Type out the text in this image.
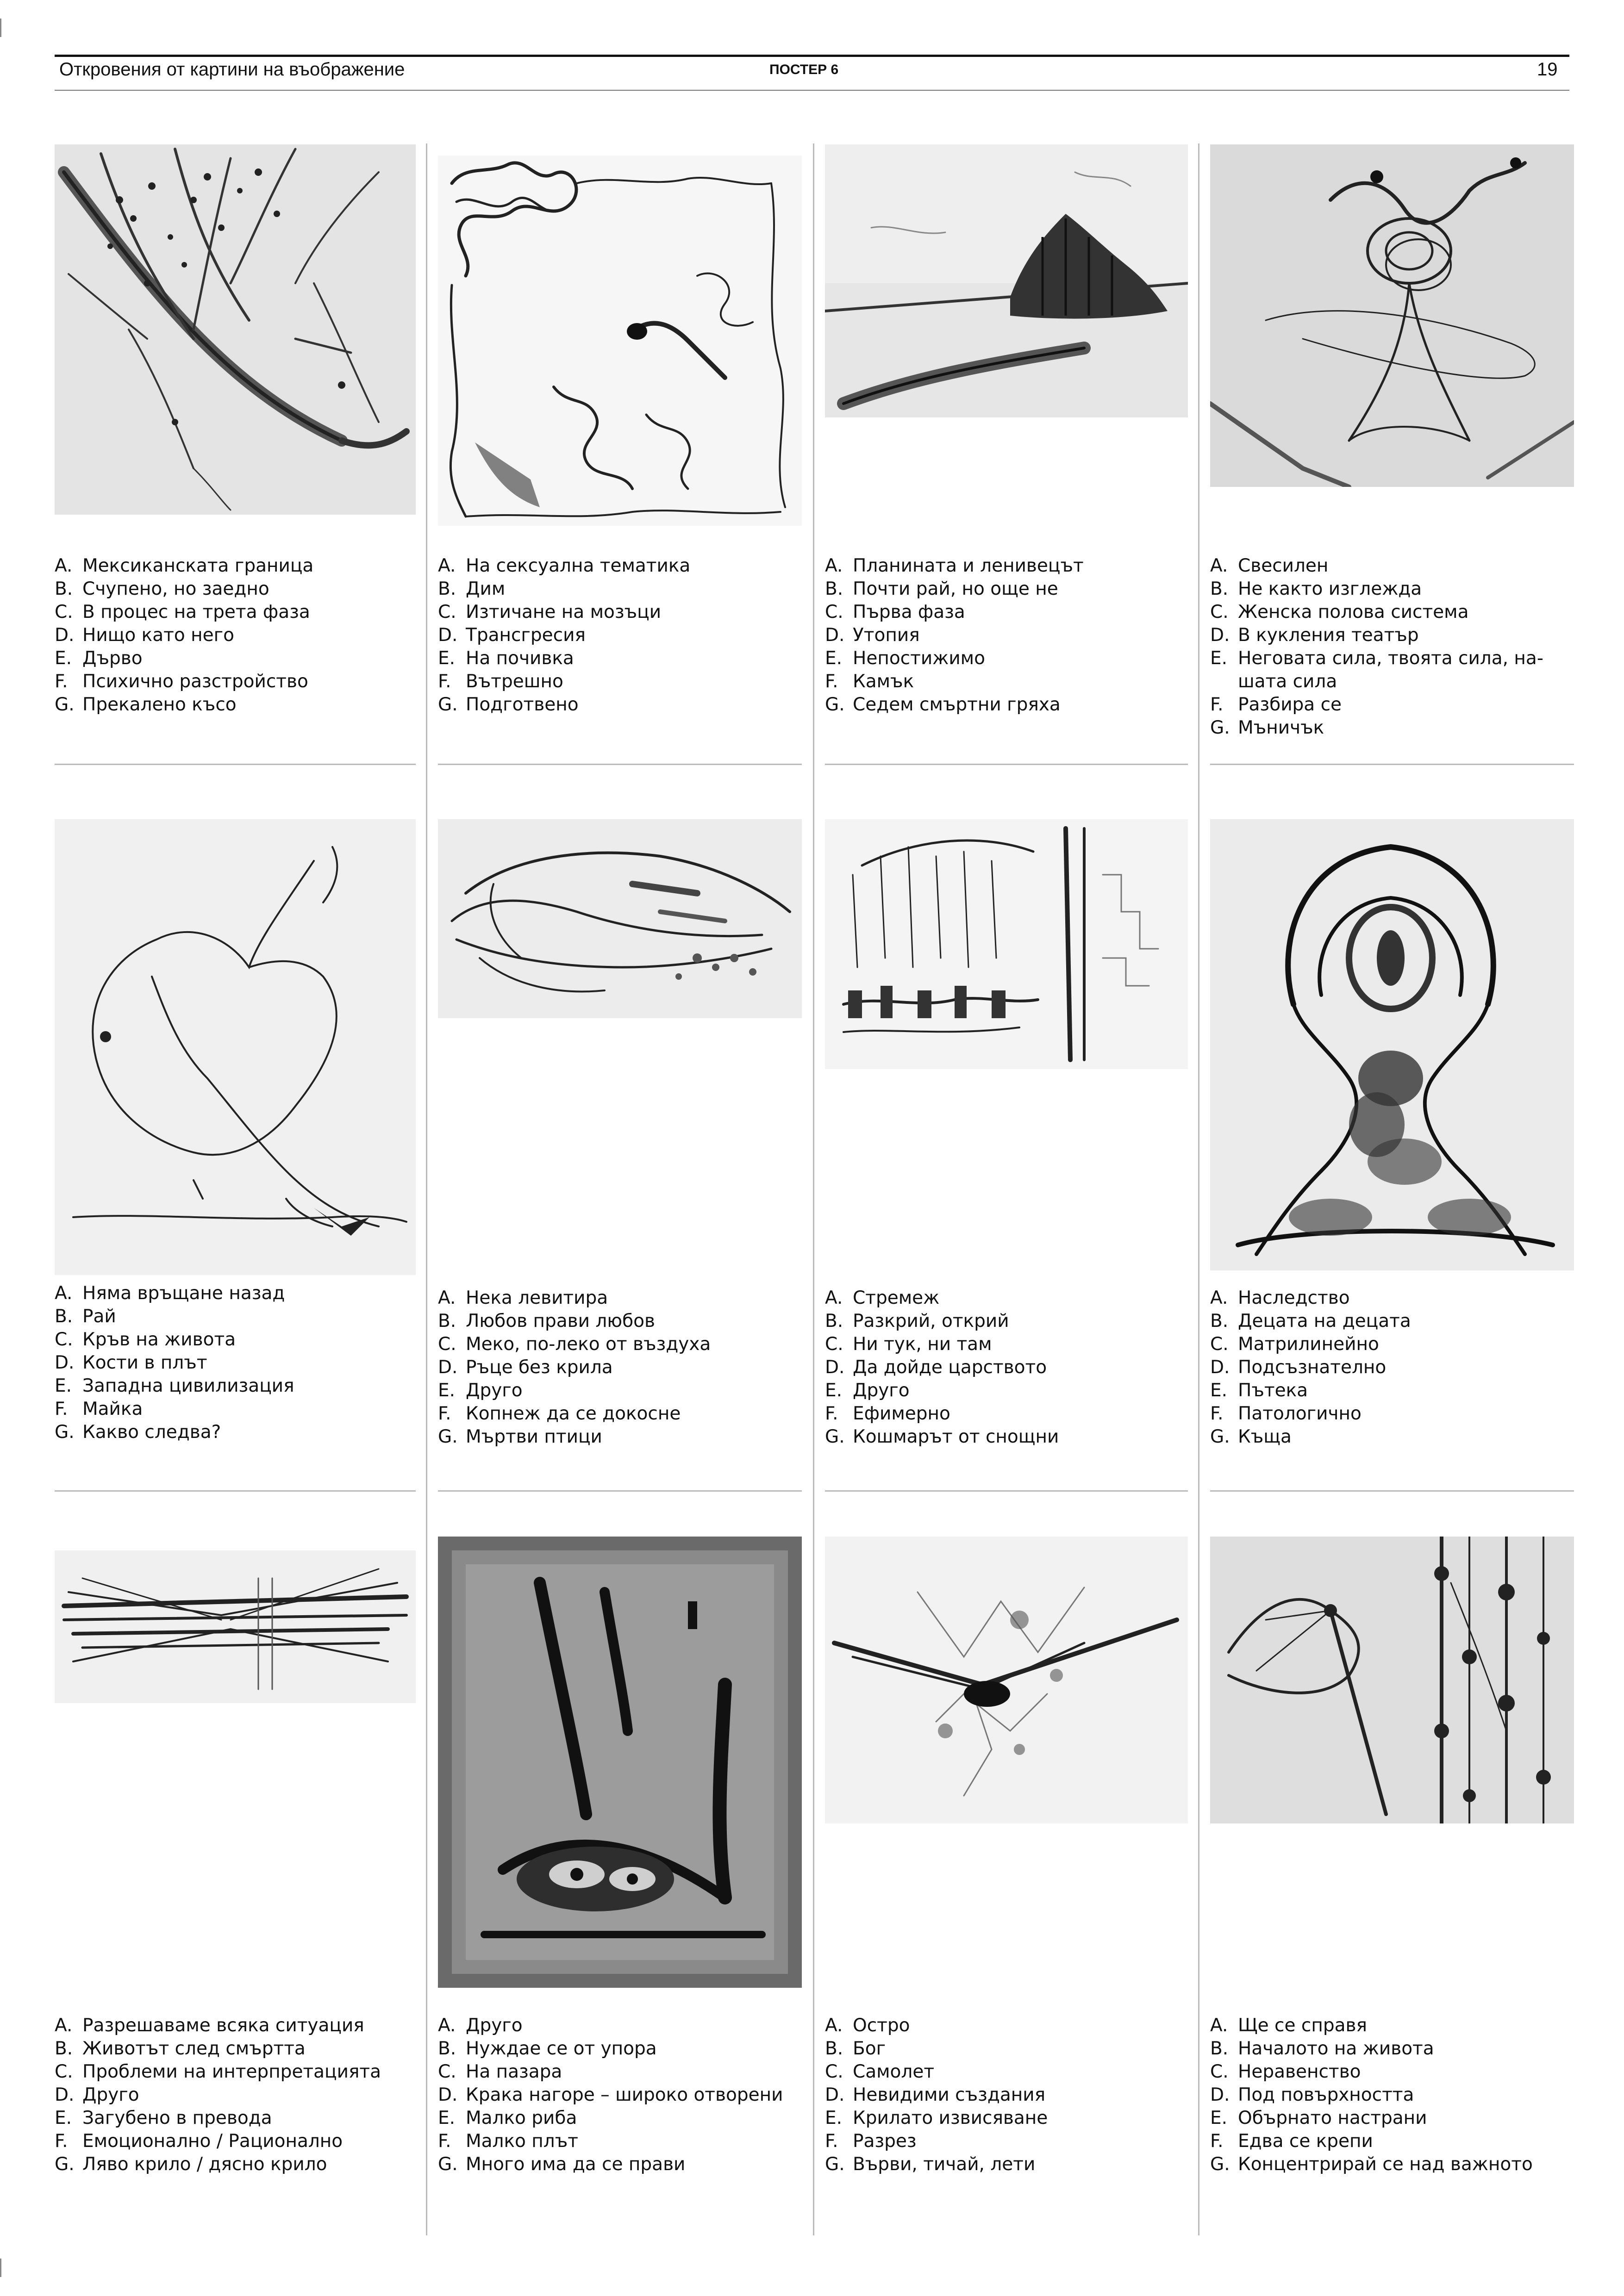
Откровения от картини на въображение	ПОСТЕР 6	19
A. Мексиканската граница
B. Счупено, но заедно
C. В процес на трета фаза
D. Нищо като него
E. Дърво
F. Психично разстройство
G. Прекалено късо
A. На сексуална тематика
B. Дим
C. Изтичане на мозъци
D. Трансгресия
E. На почивка
F. Вътрешно
G. Подготвено
A. Планината и ленивецът
B. Почти рай, но още не
C. Първа фаза
D. Утопия
E. Непостижимо
F. Камък
G. Седем смъртни гряха
A. Свесилен
B. Не както изглежда
C. Женска полова система
D. В кукления театър
E. Неговата сила, твоята сила, на-шата сила
F. Разбира се
G. Мъничък
A. Няма връщане назад
B. Рай
C. Кръв на живота
D. Кости в плът
E. Западна цивилизация
F. Майка
G. Какво следва?
A. Нека левитира
B. Любов прави любов
C. Меко, по-леко от въздуха
D. Ръце без крила
E. Друго
F. Копнеж да се докосне
G. Мъртви птици
A. Стремеж
B. Разкрий, открий
C. Ни тук, ни там
D. Да дойде царството
E. Друго
F. Ефимерно
G. Кошмарът от снощни
A. Наследство
B. Децата на децата
C. Матрилинейно
D. Подсъзнателно
E. Пътека
F. Патологично
G. Къща
A. Разрешаваме всяка ситуация
B. Животът след смъртта
C. Проблеми на интерпретацията
D. Друго
E. Загубено в превода
F. Емоционално / Рационално
G. Ляво крило / дясно крило
A. Друго
B. Нуждае се от упора
C. На пазара
D. Крака нагоре – широко отворени
E. Малко риба
F. Малко плът
G. Много има да се прави
A. Остро
B. Бог
C. Самолет
D. Невидими създания
E. Крилато извисяване
F. Разрез
G. Върви, тичай, лети
A. Ще се справя
B. Началото на живота
C. Неравенство
D. Под повърхността
E. Обърнато настрани
F. Едва се крепи
G. Концентрирай се над важното
